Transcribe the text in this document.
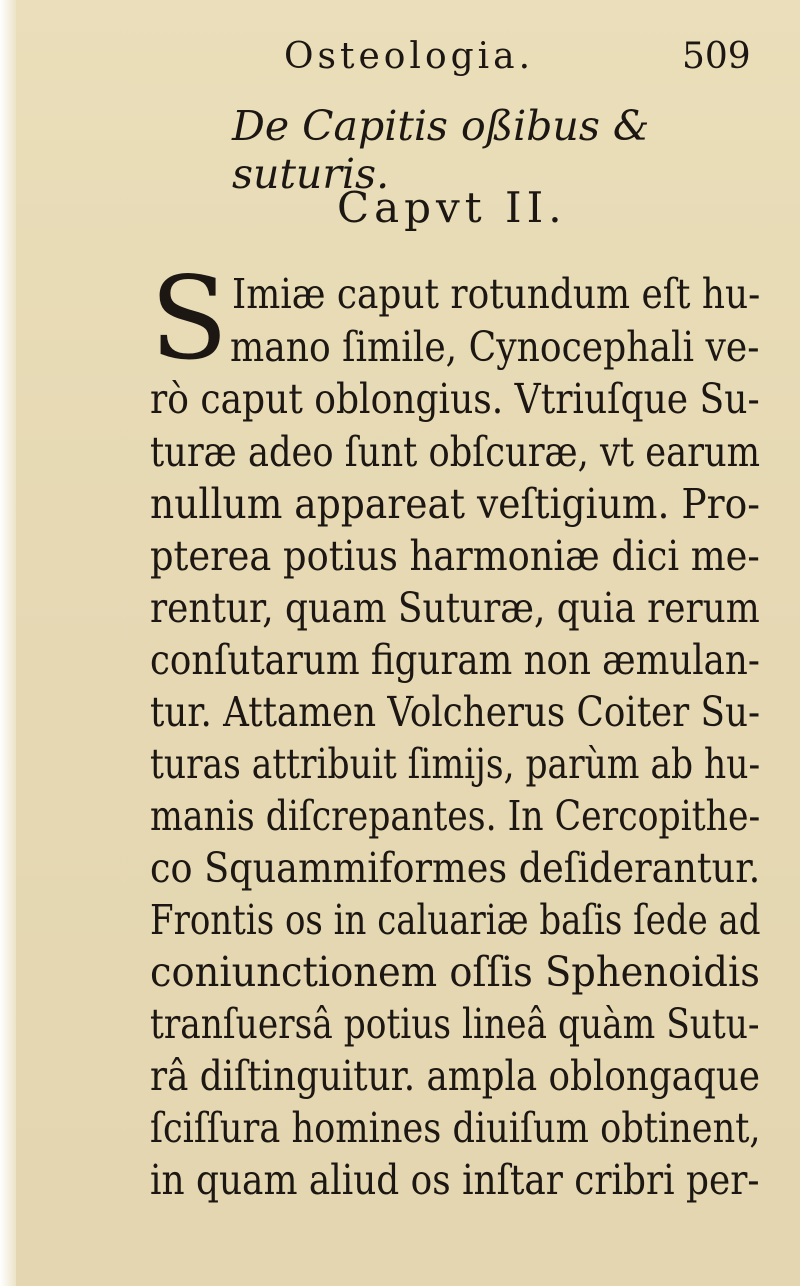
Osteologia.	509
De Capitis oßibus & suturis.
Capvt II.
S Imiæ caput rotundum eſt hu-
mano ſimile, Cynocephali ve-
rò caput oblongius. Vtriuſque Su-
turæ adeo ſunt obſcuræ, vt earum
nullum appareat veſtigium. Pro-
pterea potius harmoniæ dici me-
rentur, quam Suturæ, quia rerum
conſutarum figuram non æmulan-
tur. Attamen Volcherus Coiter Su-
turas attribuit ſimijs, parùm ab hu-
manis diſcrepantes. In Cercopithe-
co Squammiformes deſiderantur.
Frontis os in caluariæ baſis ſede ad
coniunctionem oſſis Sphenoidis
tranſuersâ potius lineâ quàm Sutu-
râ diſtinguitur. ampla oblongaque
ſciſſura homines diuiſum obtinent,
in quam aliud os inſtar cribri per-
